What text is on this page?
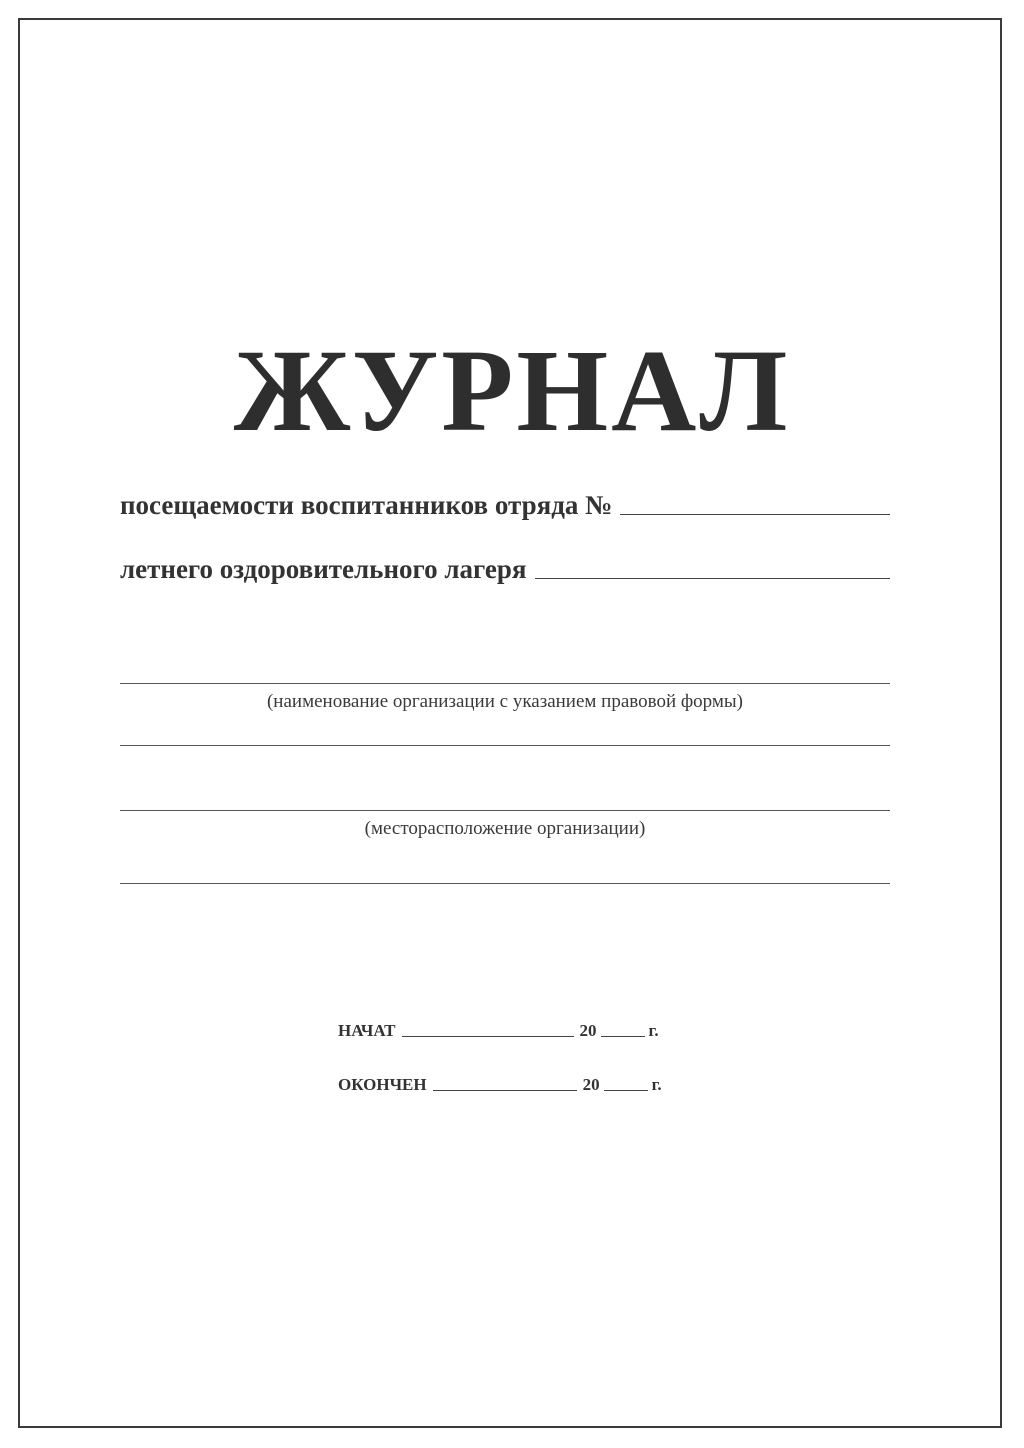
ЖУРНАЛ
посещаемости воспитанников отряда №
летнего оздоровительного лагеря
(наименование организации с указанием правовой формы)
(месторасположение организации)
НАЧАТ	20	г.
ОКОНЧЕН	20	г.
